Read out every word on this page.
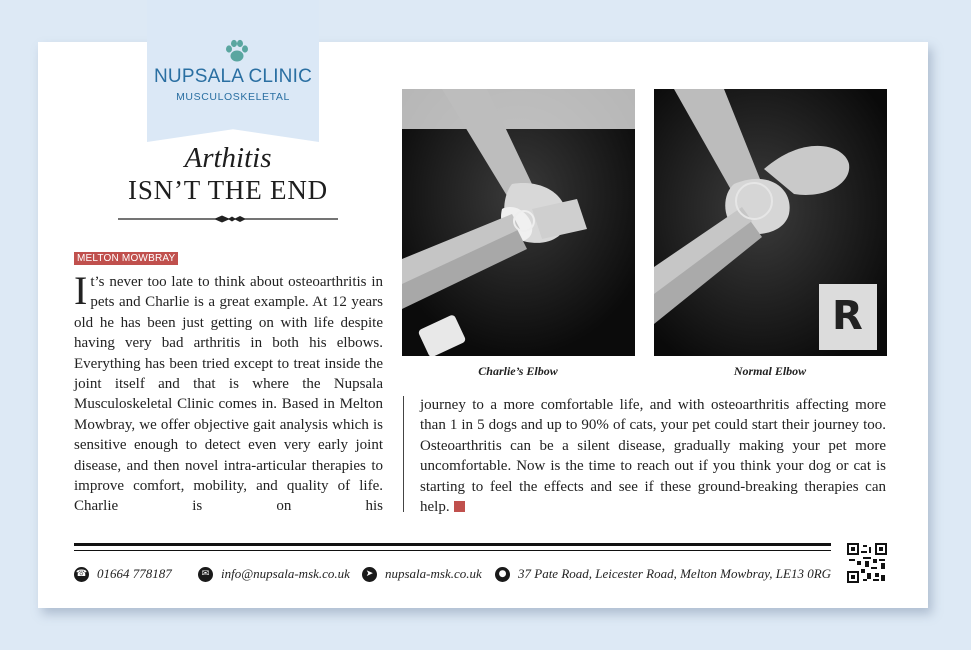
NUPSALA CLINIC
MUSCULOSKELETAL
Arthitis
ISN’T THE END
MELTON MOWBRAY
I t’s never too late to think about osteoarthritis in pets and Charlie is a great example. At 12 years old he has been just getting on with life despite having very bad arthritis in both his elbows. Everything has been tried except to treat inside the joint itself and that is where the Nupsala Musculoskeletal Clinic comes in. Based in Melton Mowbray, we offer objective gait analysis which is sensitive enough to detect even very early joint disease, and then novel intra-articular therapies to improve comfort, mobility, and quality of life. Charlie is on his
Charlie’s Elbow
R
Normal Elbow
journey to a more comfortable life, and with osteoarthritis affecting more than 1 in 5 dogs and up to 90% of cats, your pet could start their journey too. Osteoarthritis can be a silent disease, gradually making your pet more uncomfortable. Now is the time to reach out if you think your dog or cat is starting to feel the effects and see if these ground-breaking therapies can help.
☎ 01664 778187	✉ info@nupsala-msk.co.uk	➤ nupsala-msk.co.uk	● 37 Pate Road, Leicester Road, Melton Mowbray, LE13 0RG
